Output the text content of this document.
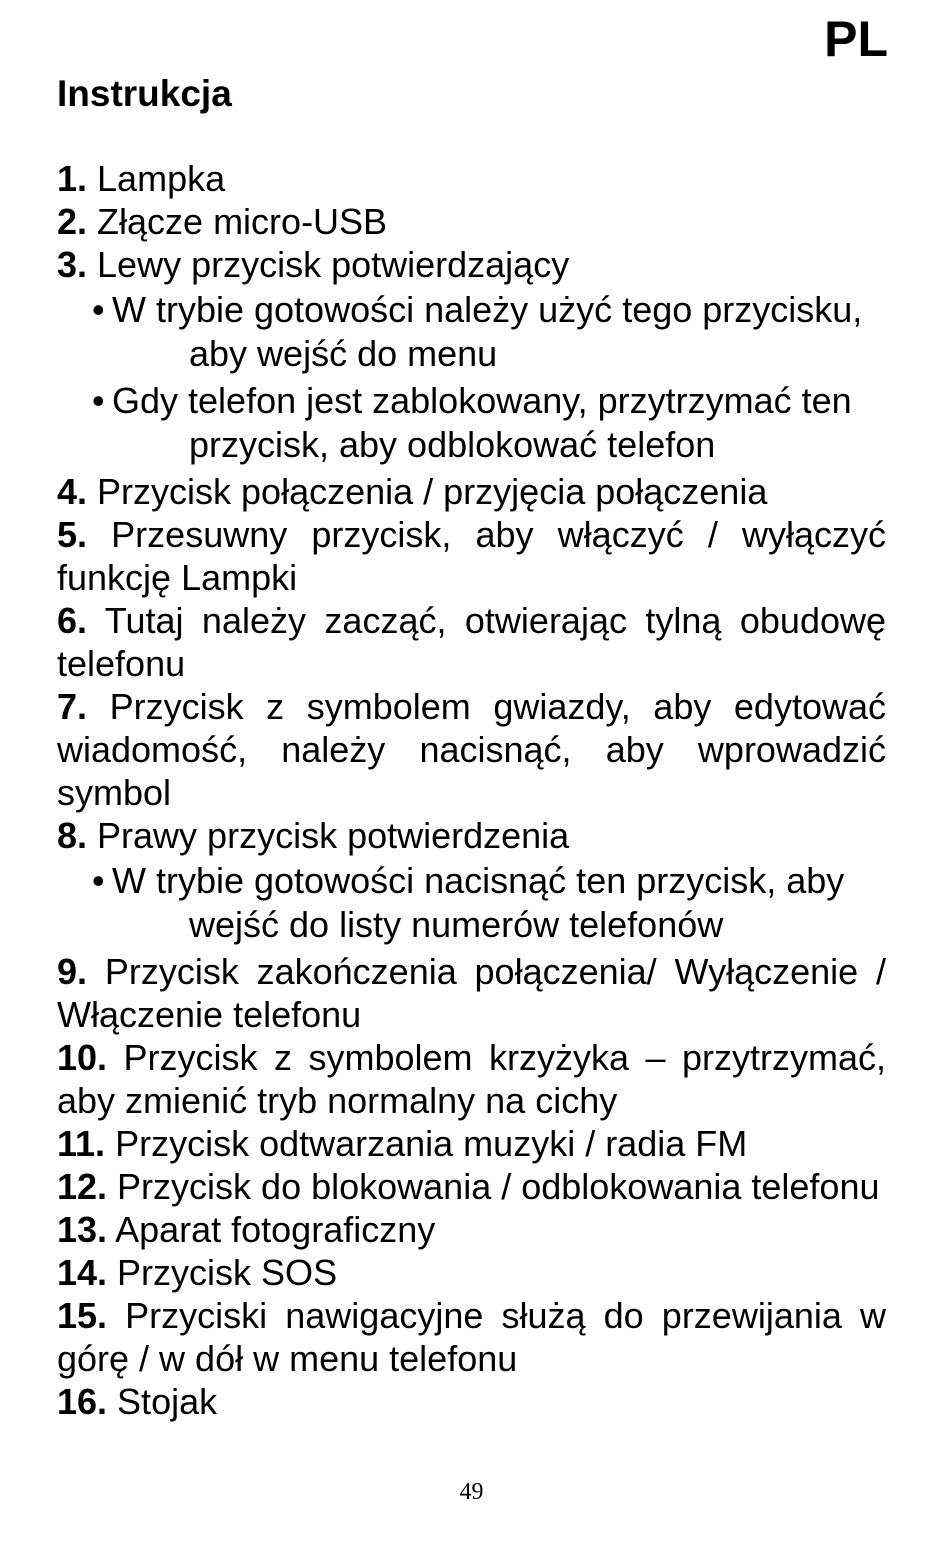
PL
Instrukcja
1. Lampka
2. Złącze micro-USB
3. Lewy przycisk potwierdzający
• W trybie gotowości należy użyć tego przycisku,
aby wejść do menu
• Gdy telefon jest zablokowany, przytrzymać ten
przycisk, aby odblokować telefon
4. Przycisk połączenia / przyjęcia połączenia
5. Przesuwny przycisk, aby włączyć / wyłączyć funkcję Lampki
6. Tutaj należy zacząć, otwierając tylną obudowę telefonu
7. Przycisk z symbolem gwiazdy, aby edytować wiadomość, należy nacisnąć, aby wprowadzić symbol
8. Prawy przycisk potwierdzenia
• W trybie gotowości nacisnąć ten przycisk, aby
wejść do listy numerów telefonów
9. Przycisk zakończenia połączenia/ Wyłączenie / Włączenie telefonu
10. Przycisk z symbolem krzyżyka – przytrzymać, aby zmienić tryb normalny na cichy
11. Przycisk odtwarzania muzyki / radia FM
12. Przycisk do blokowania / odblokowania telefonu
13. Aparat fotograficzny
14. Przycisk SOS
15. Przyciski nawigacyjne służą do przewijania w górę / w dół w menu telefonu
16. Stojak
49
